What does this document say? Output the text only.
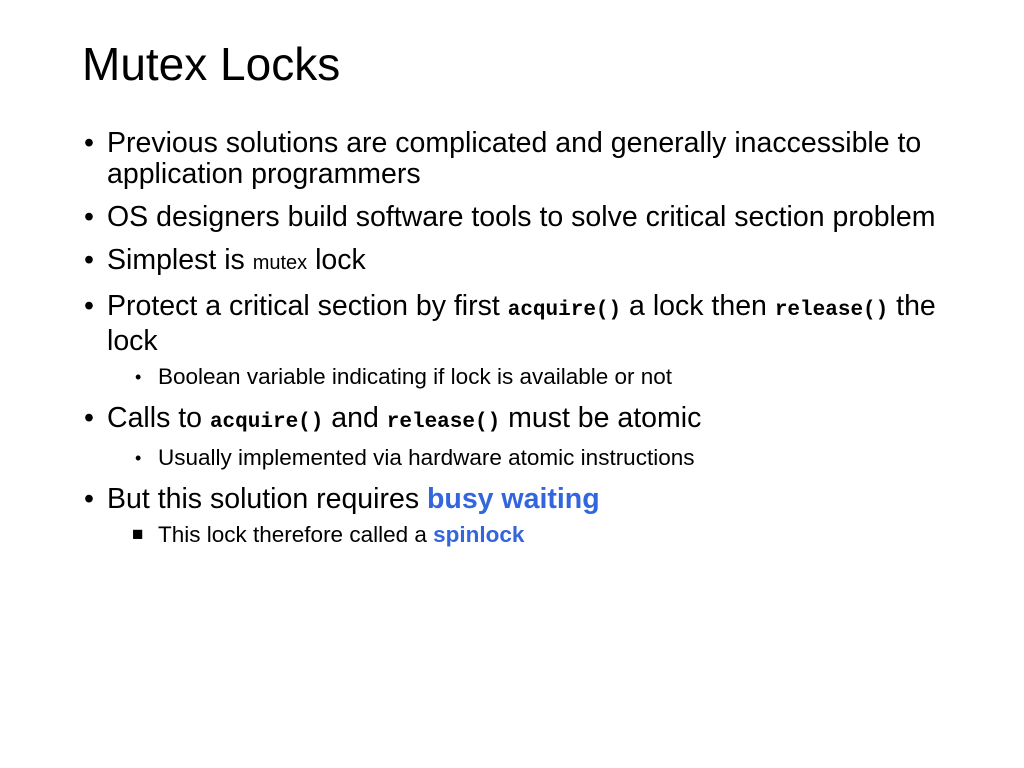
Mutex Locks
• Previous solutions are complicated and generally inaccessible to application programmers
• OS designers build software tools to solve critical section problem
• Simplest is mutex lock
• Protect a critical section by first acquire() a lock then release() the lock
• Boolean variable indicating if lock is available or not
• Calls to acquire() and release() must be atomic
• Usually implemented via hardware atomic instructions
• But this solution requires busy waiting
■ This lock therefore called a spinlock
